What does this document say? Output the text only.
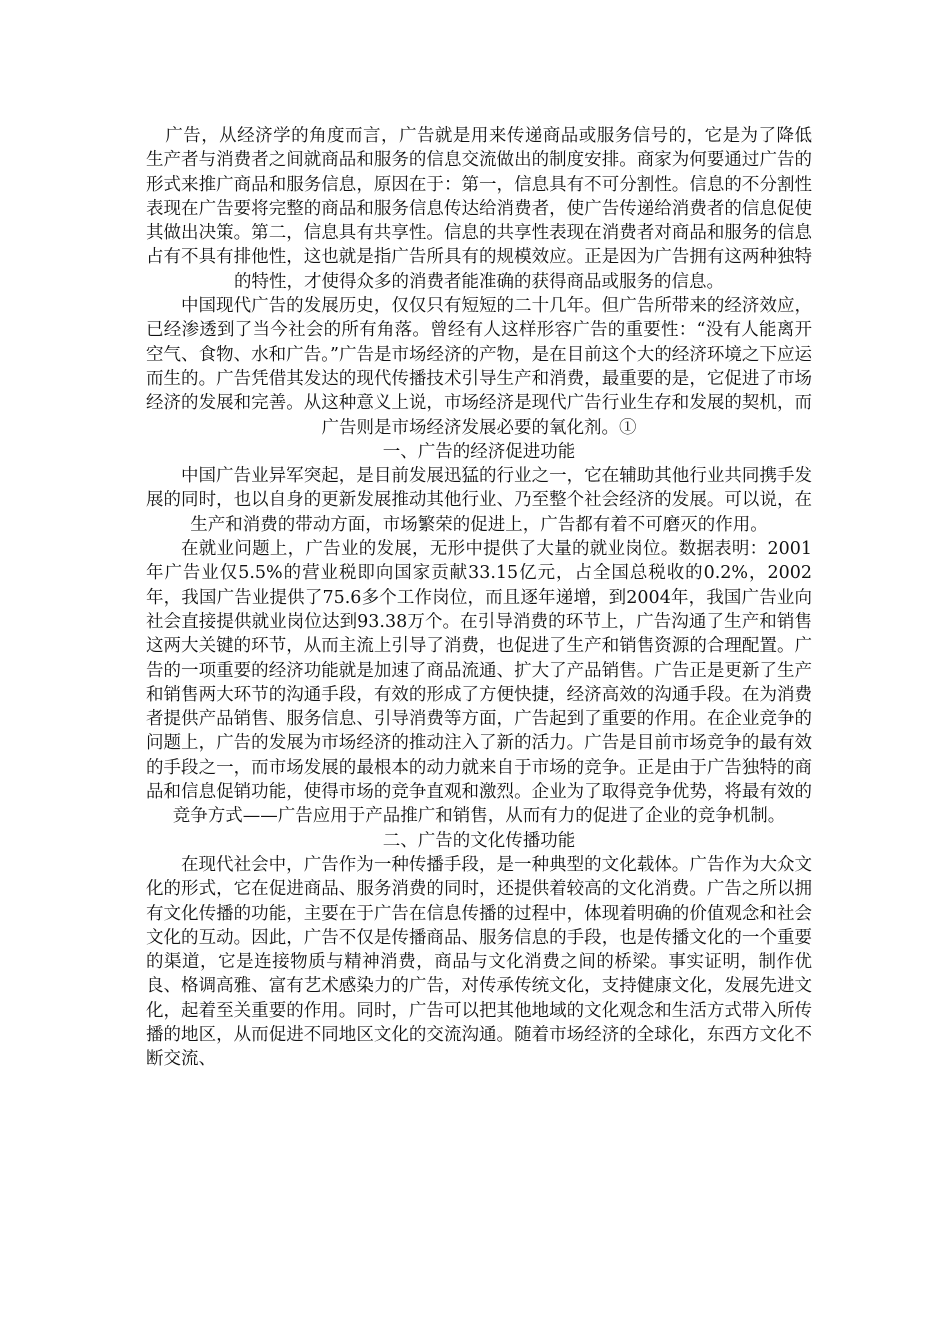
广告，从经济学的角度而言，广告就是用来传递商品或服务信号的，它是为了降低生产者与消费者之间就商品和服务的信息交流做出的制度安排。商家为何要通过广告的形式来推广商品和服务信息，原因在于：第一，信息具有不可分割性。信息的不分割性表现在广告要将完整的商品和服务信息传达给消费者，使广告传递给消费者的信息促使其做出决策。第二，信息具有共享性。信息的共享性表现在消费者对商品和服务的信息占有不具有排他性，这也就是指广告所具有的规模效应。正是因为广告拥有这两种独特的特性，才使得众多的消费者能准确的获得商品或服务的信息。

中国现代广告的发展历史，仅仅只有短短的二十几年。但广告所带来的经济效应，已经渗透到了当今社会的所有角落。曾经有人这样形容广告的重要性：“没有人能离开空气、食物、水和广告。”广告是市场经济的产物，是在目前这个大的经济环境之下应运而生的。广告凭借其发达的现代传播技术引导生产和消费，最重要的是，它促进了市场经济的发展和完善。从这种意义上说，市场经济是现代广告行业生存和发展的契机，而广告则是市场经济发展必要的氧化剂。①

一、广告的经济促进功能

中国广告业异军突起，是目前发展迅猛的行业之一，它在辅助其他行业共同携手发展的同时，也以自身的更新发展推动其他行业、乃至整个社会经济的发展。可以说，在生产和消费的带动方面，市场繁荣的促进上，广告都有着不可磨灭的作用。

在就业问题上，广告业的发展，无形中提供了大量的就业岗位。数据表明：2001年广告业仅5.5%的营业税即向国家贡献33.15亿元，占全国总税收的0.2%，2002年，我国广告业提供了75.6多个工作岗位，而且逐年递增，到2004年，我国广告业向社会直接提供就业岗位达到93.38万个。在引导消费的环节上，广告沟通了生产和销售这两大关键的环节，从而主流上引导了消费，也促进了生产和销售资源的合理配置。广告的一项重要的经济功能就是加速了商品流通、扩大了产品销售。广告正是更新了生产和销售两大环节的沟通手段，有效的形成了方便快捷，经济高效的沟通手段。在为消费者提供产品销售、服务信息、引导消费等方面，广告起到了重要的作用。在企业竞争的问题上，广告的发展为市场经济的推动注入了新的活力。广告是目前市场竞争的最有效的手段之一，而市场发展的最根本的动力就来自于市场的竞争。正是由于广告独特的商品和信息促销功能，使得市场的竞争直观和激烈。企业为了取得竞争优势，将最有效的竞争方式——广告应用于产品推广和销售，从而有力的促进了企业的竞争机制。

二、广告的文化传播功能

在现代社会中，广告作为一种传播手段，是一种典型的文化载体。广告作为大众文化的形式，它在促进商品、服务消费的同时，还提供着较高的文化消费。广告之所以拥有文化传播的功能，主要在于广告在信息传播的过程中，体现着明确的价值观念和社会文化的互动。因此，广告不仅是传播商品、服务信息的手段，也是传播文化的一个重要的渠道，它是连接物质与精神消费，商品与文化消费之间的桥梁。事实证明，制作优良、格调高雅、富有艺术感染力的广告，对传承传统文化，支持健康文化，发展先进文化，起着至关重要的作用。同时，广告可以把其他地域的文化观念和生活方式带入所传播的地区，从而促进不同地区文化的交流沟通。随着市场经济的全球化，东西方文化不断交流、
